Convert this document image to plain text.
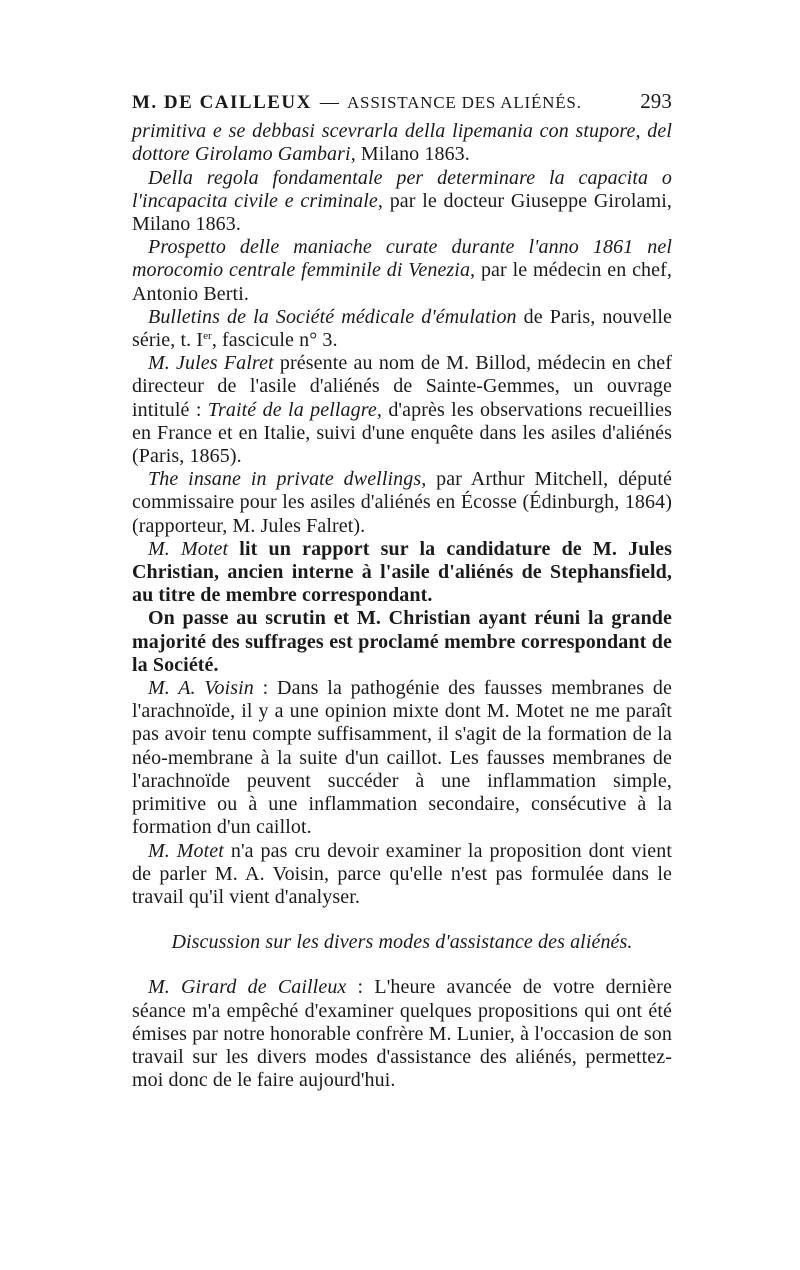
M. DE CAILLEUX — ASSISTANCE DES ALIÉNÉS.	293

primitiva e se debbasi scevrarla della lipemania con stupore, del dottore Girolamo Gambari, Milano 1863.

Della regola fondamentale per determinare la capacita o l'incapacita civile e criminale, par le docteur Giuseppe Girolami, Milano 1863.

Prospetto delle maniache curate durante l'anno 1861 nel morocomio centrale femminile di Venezia, par le médecin en chef, Antonio Berti.

Bulletins de la Société médicale d'émulation de Paris, nouvelle série, t. Ier, fascicule n° 3.

M. Jules Falret présente au nom de M. Billod, médecin en chef directeur de l'asile d'aliénés de Sainte-Gemmes, un ouvrage intitulé : Traité de la pellagre, d'après les observations recueillies en France et en Italie, suivi d'une enquête dans les asiles d'aliénés (Paris, 1865).

The insane in private dwellings, par Arthur Mitchell, député commissaire pour les asiles d'aliénés en Écosse (Édinburgh, 1864) (rapporteur, M. Jules Falret).

M. Motet lit un rapport sur la candidature de M. Jules Christian, ancien interne à l'asile d'aliénés de Stephansfield, au titre de membre correspondant.

On passe au scrutin et M. Christian ayant réuni la grande majorité des suffrages est proclamé membre correspondant de la Société.

M. A. Voisin : Dans la pathogénie des fausses membranes de l'arachnoïde, il y a une opinion mixte dont M. Motet ne me paraît pas avoir tenu compte suffisamment, il s'agit de la formation de la néo-membrane à la suite d'un caillot. Les fausses membranes de l'arachnoïde peuvent succéder à une inflammation simple, primitive ou à une inflammation secondaire, consécutive à la formation d'un caillot.

M. Motet n'a pas cru devoir examiner la proposition dont vient de parler M. A. Voisin, parce qu'elle n'est pas formulée dans le travail qu'il vient d'analyser.

Discussion sur les divers modes d'assistance des aliénés.

M. Girard de Cailleux : L'heure avancée de votre dernière séance m'a empêché d'examiner quelques propositions qui ont été émises par notre honorable confrère M. Lunier, à l'occasion de son travail sur les divers modes d'assistance des aliénés, permettez-moi donc de le faire aujourd'hui.
